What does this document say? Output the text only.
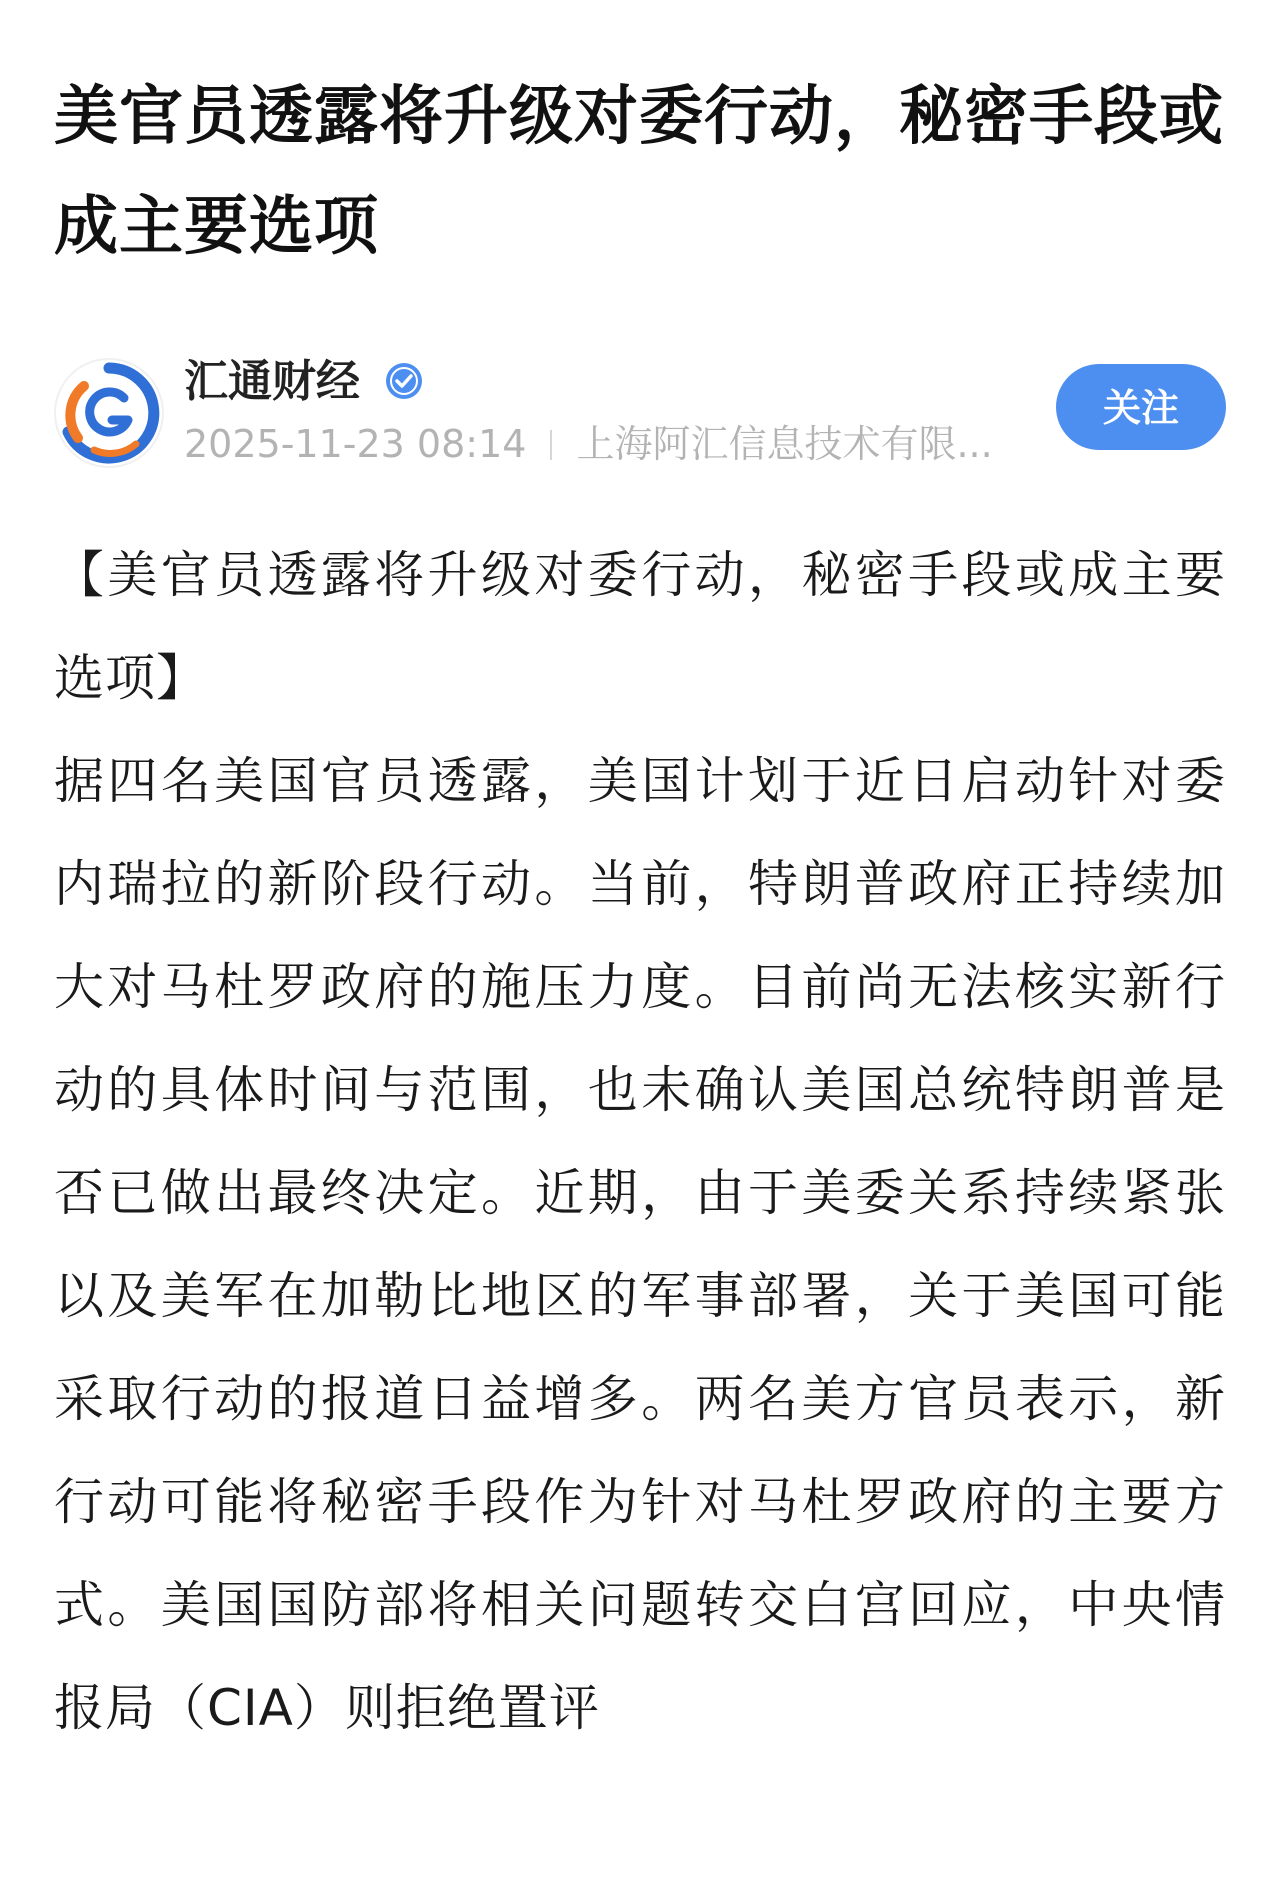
美官员透露将升级对委行动，秘密手段或成主要选项
汇通财经
2025-11-23 08:14 上海阿汇信息技术有限...
关注

【美官员透露将升级对委行动，秘密手段或成主要选项】

据四名美国官员透露，美国计划于近日启动针对委内瑞拉的新阶段行动。当前，特朗普政府正持续加大对马杜罗政府的施压力度。目前尚无法核实新行动的具体时间与范围，也未确认美国总统特朗普是否已做出最终决定。近期，由于美委关系持续紧张以及美军在加勒比地区的军事部署，关于美国可能采取行动的报道日益增多。两名美方官员表示，新行动可能将秘密手段作为针对马杜罗政府的主要方式。美国国防部将相关问题转交白宫回应，中央情报局（CIA）则拒绝置评
